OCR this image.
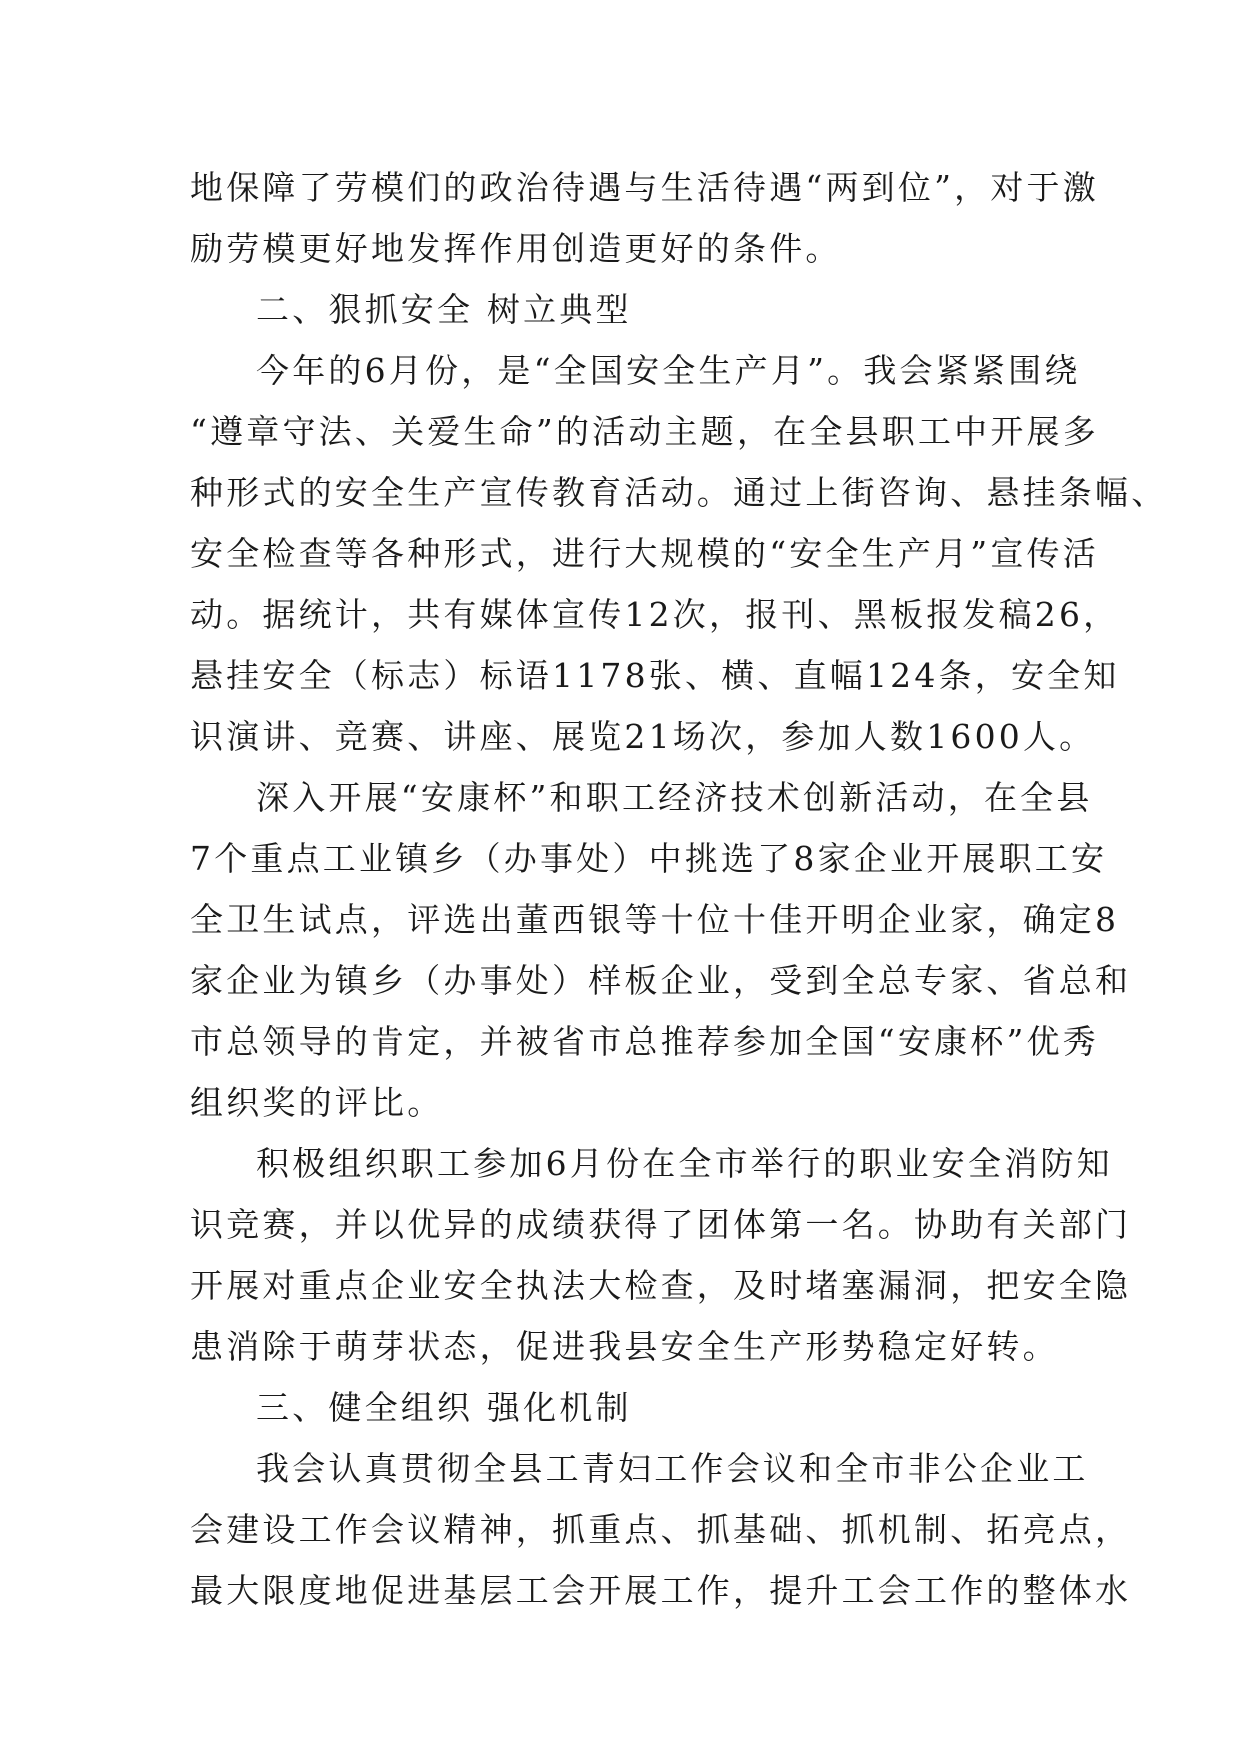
地保障了劳模们的政治待遇与生活待遇“两到位”，对于激
励劳模更好地发挥作用创造更好的条件。
二、狠抓安全 树立典型
今年的6月份，是“全国安全生产月”。我会紧紧围绕
“遵章守法、关爱生命”的活动主题，在全县职工中开展多
种形式的安全生产宣传教育活动。通过上街咨询、悬挂条幅、
安全检查等各种形式，进行大规模的“安全生产月”宣传活
动。据统计，共有媒体宣传12次，报刊、黑板报发稿26，
悬挂安全（标志）标语1178张、横、直幅124条，安全知
识演讲、竞赛、讲座、展览21场次，参加人数1600人。
深入开展“安康杯”和职工经济技术创新活动，在全县
7个重点工业镇乡（办事处）中挑选了8家企业开展职工安
全卫生试点，评选出董西银等十位十佳开明企业家，确定8
家企业为镇乡（办事处）样板企业，受到全总专家、省总和
市总领导的肯定，并被省市总推荐参加全国“安康杯”优秀
组织奖的评比。
积极组织职工参加6月份在全市举行的职业安全消防知
识竞赛，并以优异的成绩获得了团体第一名。协助有关部门
开展对重点企业安全执法大检查，及时堵塞漏洞，把安全隐
患消除于萌芽状态，促进我县安全生产形势稳定好转。
三、健全组织 强化机制
我会认真贯彻全县工青妇工作会议和全市非公企业工
会建设工作会议精神，抓重点、抓基础、抓机制、拓亮点，
最大限度地促进基层工会开展工作，提升工会工作的整体水
